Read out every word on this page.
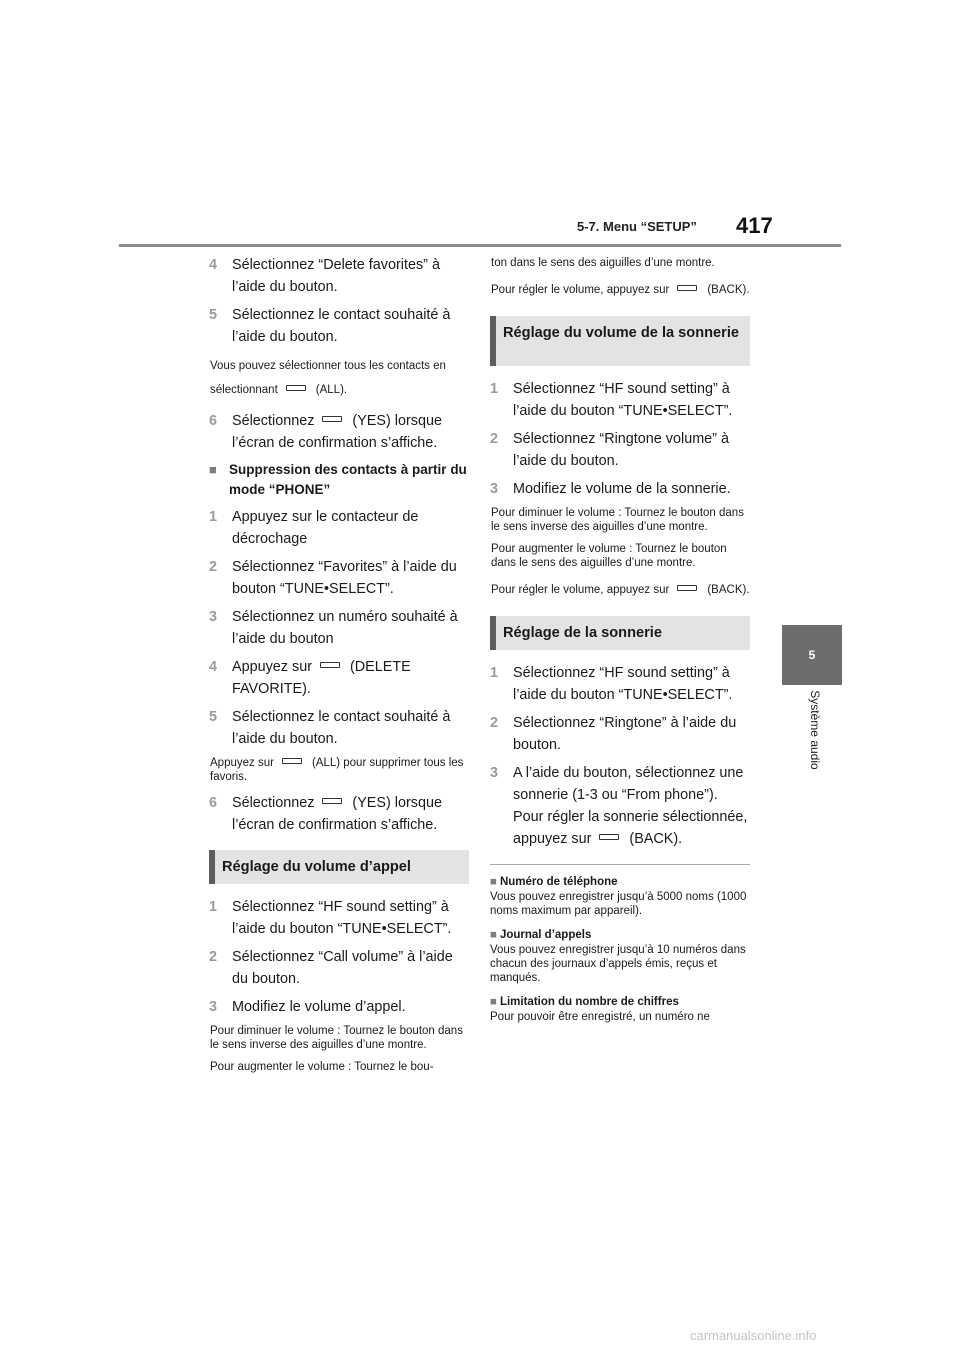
5-7. Menu “SETUP” 417
5
Système audio
4	Sélectionnez “Delete favorites” à l’aide du bouton.
5	Sélectionnez le contact souhaité à l’aide du bouton.
Vous pouvez sélectionner tous les contacts en sélectionnant	(ALL).
6	Sélectionnez	(YES) lorsque l’écran de confirmation s’affiche.
■ Suppression des contacts à partir du mode “PHONE”
1	Appuyez sur le contacteur de décrochage
2	Sélectionnez “Favorites” à l’aide du bouton “TUNE•SELECT”.
3	Sélectionnez un numéro souhaité à l’aide du bouton
4	Appuyez sur	(DELETE FAVORITE).
5	Sélectionnez le contact souhaité à l’aide du bouton.
Appuyez sur	(ALL) pour supprimer tous les favoris.
6	Sélectionnez	(YES) lorsque l’écran de confirmation s’affiche.
Réglage du volume d’appel
1	Sélectionnez “HF sound setting” à l’aide du bouton “TUNE•SELECT”.
2	Sélectionnez “Call volume” à l’aide du bouton.
3	Modifiez le volume d’appel.
Pour diminuer le volume : Tournez le bouton dans le sens inverse des aiguilles d’une montre.
Pour augmenter le volume : Tournez le bou-
ton dans le sens des aiguilles d’une montre.
Pour régler le volume, appuyez sur	(BACK).
Réglage du volume de la sonnerie
1	Sélectionnez “HF sound setting” à l’aide du bouton “TUNE•SELECT”.
2	Sélectionnez “Ringtone volume” à l’aide du bouton.
3	Modifiez le volume de la sonnerie.
Pour diminuer le volume : Tournez le bouton dans le sens inverse des aiguilles d’une montre.
Pour augmenter le volume : Tournez le bouton dans le sens des aiguilles d’une montre.
Pour régler le volume, appuyez sur	(BACK).
Réglage de la sonnerie
1	Sélectionnez “HF sound setting” à l’aide du bouton “TUNE•SELECT”.
2	Sélectionnez “Ringtone” à l’aide du bouton.
3	A l’aide du bouton, sélectionnez une sonnerie (1-3 ou “From phone”). Pour régler la sonnerie sélectionnée, appuyez sur	(BACK).
■ Numéro de téléphone
Vous pouvez enregistrer jusqu’à 5000 noms (1000 noms maximum par appareil).
■ Journal d’appels
Vous pouvez enregistrer jusqu’à 10 numéros dans chacun des journaux d’appels émis, reçus et manqués.
■ Limitation du nombre de chiffres
Pour pouvoir être enregistré, un numéro ne
carmanualsonline.info
